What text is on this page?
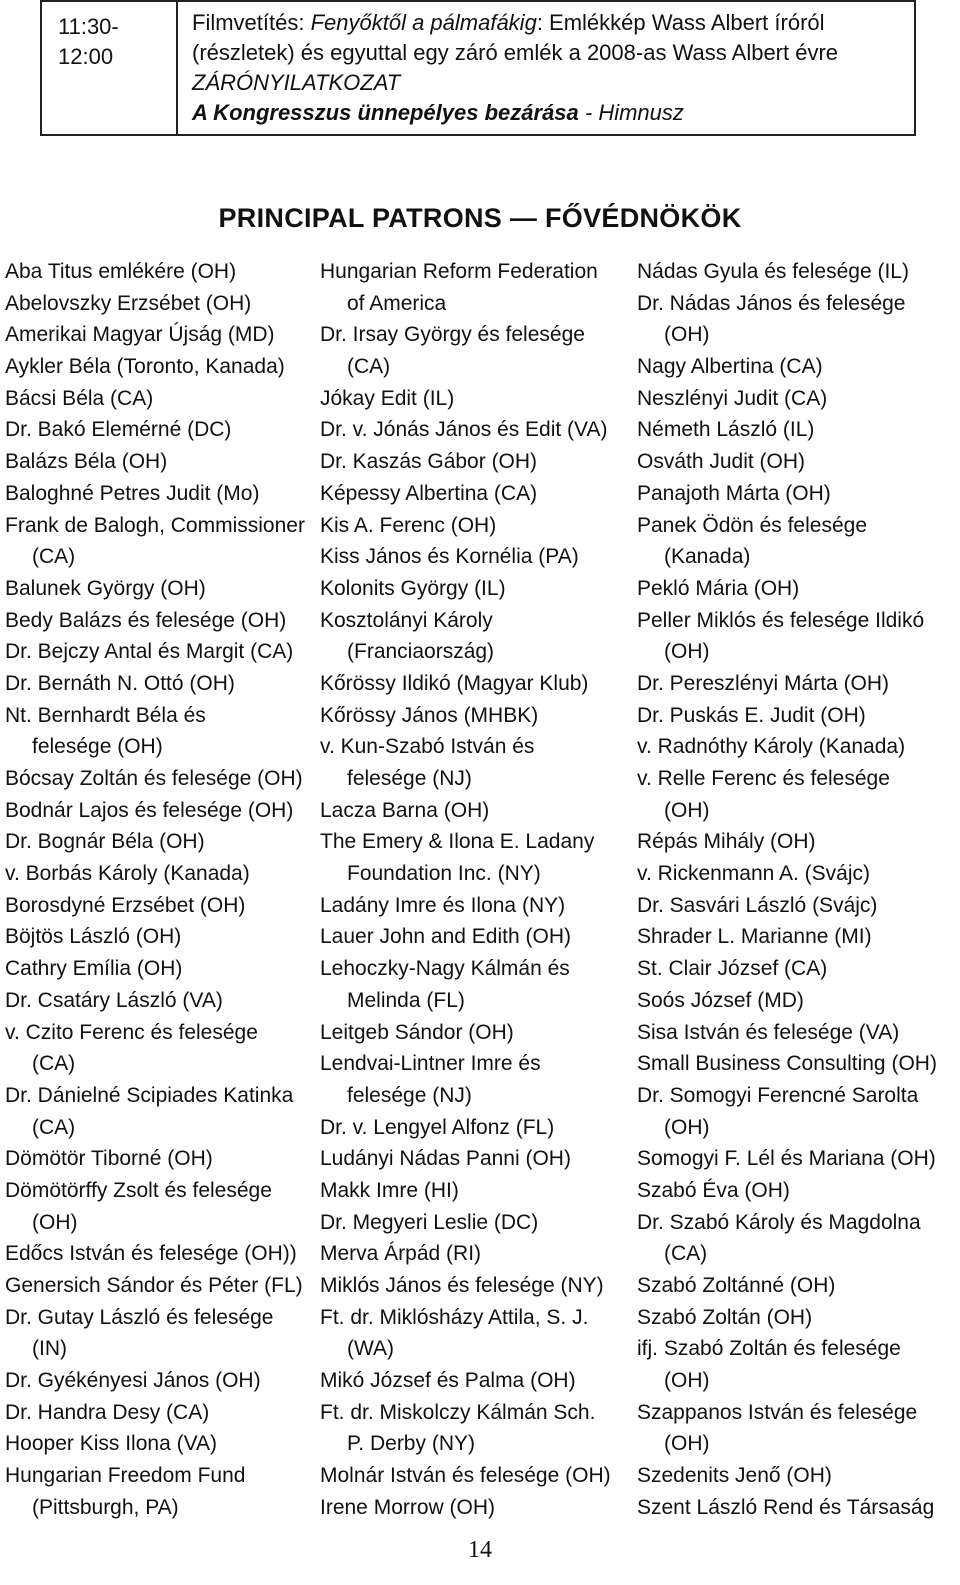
11:30-
12:00

Filmvetítés: Fenyőktől a pálmafákig: Emlékkép Wass Albert íróról
(részletek) és egyuttal egy záró emlék a 2008-as Wass Albert évre
ZÁRÓNYILATKOZAT
A Kongresszus ünnepélyes bezárása - Himnusz
PRINCIPAL PATRONS — FŐVÉDNÖKÖK
Aba Titus emlékére (OH)
Abelovszky Erzsébet (OH)
Amerikai Magyar Újság (MD)
Aykler Béla (Toronto, Kanada)
Bácsi Béla (CA)
Dr. Bakó Elemérné (DC)
Balázs Béla (OH)
Baloghné Petres Judit (Mo)
Frank de Balogh, Commissioner
(CA)
Balunek György (OH)
Bedy Balázs és felesége (OH)
Dr. Bejczy Antal és Margit (CA)
Dr. Bernáth N. Ottó (OH)
Nt. Bernhardt Béla és
felesége (OH)
Bócsay Zoltán és felesége (OH)
Bodnár Lajos és felesége (OH)
Dr. Bognár Béla (OH)
v. Borbás Károly (Kanada)
Borosdyné Erzsébet (OH)
Böjtös László (OH)
Cathry Emília (OH)
Dr. Csatáry László (VA)
v. Czito Ferenc és felesége
(CA)
Dr. Dánielné Scipiades Katinka
(CA)
Dömötör Tiborné (OH)
Dömötörffy Zsolt és felesége
(OH)
Edőcs István és felesége (OH))
Genersich Sándor és Péter (FL)
Dr. Gutay László és felesége
(IN)
Dr. Gyékényesi János (OH)
Dr. Handra Desy (CA)
Hooper Kiss Ilona (VA)
Hungarian Freedom Fund
(Pittsburgh, PA)
Hungarian Reform Federation
of America
Dr. Irsay György és felesége
(CA)
Jókay Edit (IL)
Dr. v. Jónás János és Edit (VA)
Dr. Kaszás Gábor (OH)
Képessy Albertina (CA)
Kis A. Ferenc (OH)
Kiss János és Kornélia (PA)
Kolonits György (IL)
Kosztolányi Károly
(Franciaország)
Kőrössy Ildikó (Magyar Klub)
Kőrössy János (MHBK)
v. Kun-Szabó István és
felesége (NJ)
Lacza Barna (OH)
The Emery & Ilona E. Ladany
Foundation Inc. (NY)
Ladány Imre és Ilona (NY)
Lauer John and Edith (OH)
Lehoczky-Nagy Kálmán és
Melinda (FL)
Leitgeb Sándor (OH)
Lendvai-Lintner Imre és
felesége (NJ)
Dr. v. Lengyel Alfonz (FL)
Ludányi Nádas Panni (OH)
Makk Imre (HI)
Dr. Megyeri Leslie (DC)
Merva Árpád (RI)
Miklós János és felesége (NY)
Ft. dr. Miklósházy Attila, S. J.
(WA)
Mikó József és Palma (OH)
Ft. dr. Miskolczy Kálmán Sch.
P. Derby (NY)
Molnár István és felesége (OH)
Irene Morrow (OH)
Nádas Gyula és felesége (IL)
Dr. Nádas János és felesége
(OH)
Nagy Albertina (CA)
Neszlényi Judit (CA)
Németh László (IL)
Osváth Judit (OH)
Panajoth Márta (OH)
Panek Ödön és felesége
(Kanada)
Pekló Mária (OH)
Peller Miklós és felesége Ildikó
(OH)
Dr. Pereszlényi Márta (OH)
Dr. Puskás E. Judit (OH)
v. Radnóthy Károly (Kanada)
v. Relle Ferenc és felesége
(OH)
Répás Mihály (OH)
v. Rickenmann A. (Svájc)
Dr. Sasvári László (Svájc)
Shrader L. Marianne (MI)
St. Clair József (CA)
Soós József (MD)
Sisa István és felesége (VA)
Small Business Consulting (OH)
Dr. Somogyi Ferencné Sarolta
(OH)
Somogyi F. Lél és Mariana (OH)
Szabó Éva (OH)
Dr. Szabó Károly és Magdolna
(CA)
Szabó Zoltánné (OH)
Szabó Zoltán (OH)
ifj. Szabó Zoltán és felesége
(OH)
Szappanos István és felesége
(OH)
Szedenits Jenő (OH)
Szent László Rend és Társaság
14
